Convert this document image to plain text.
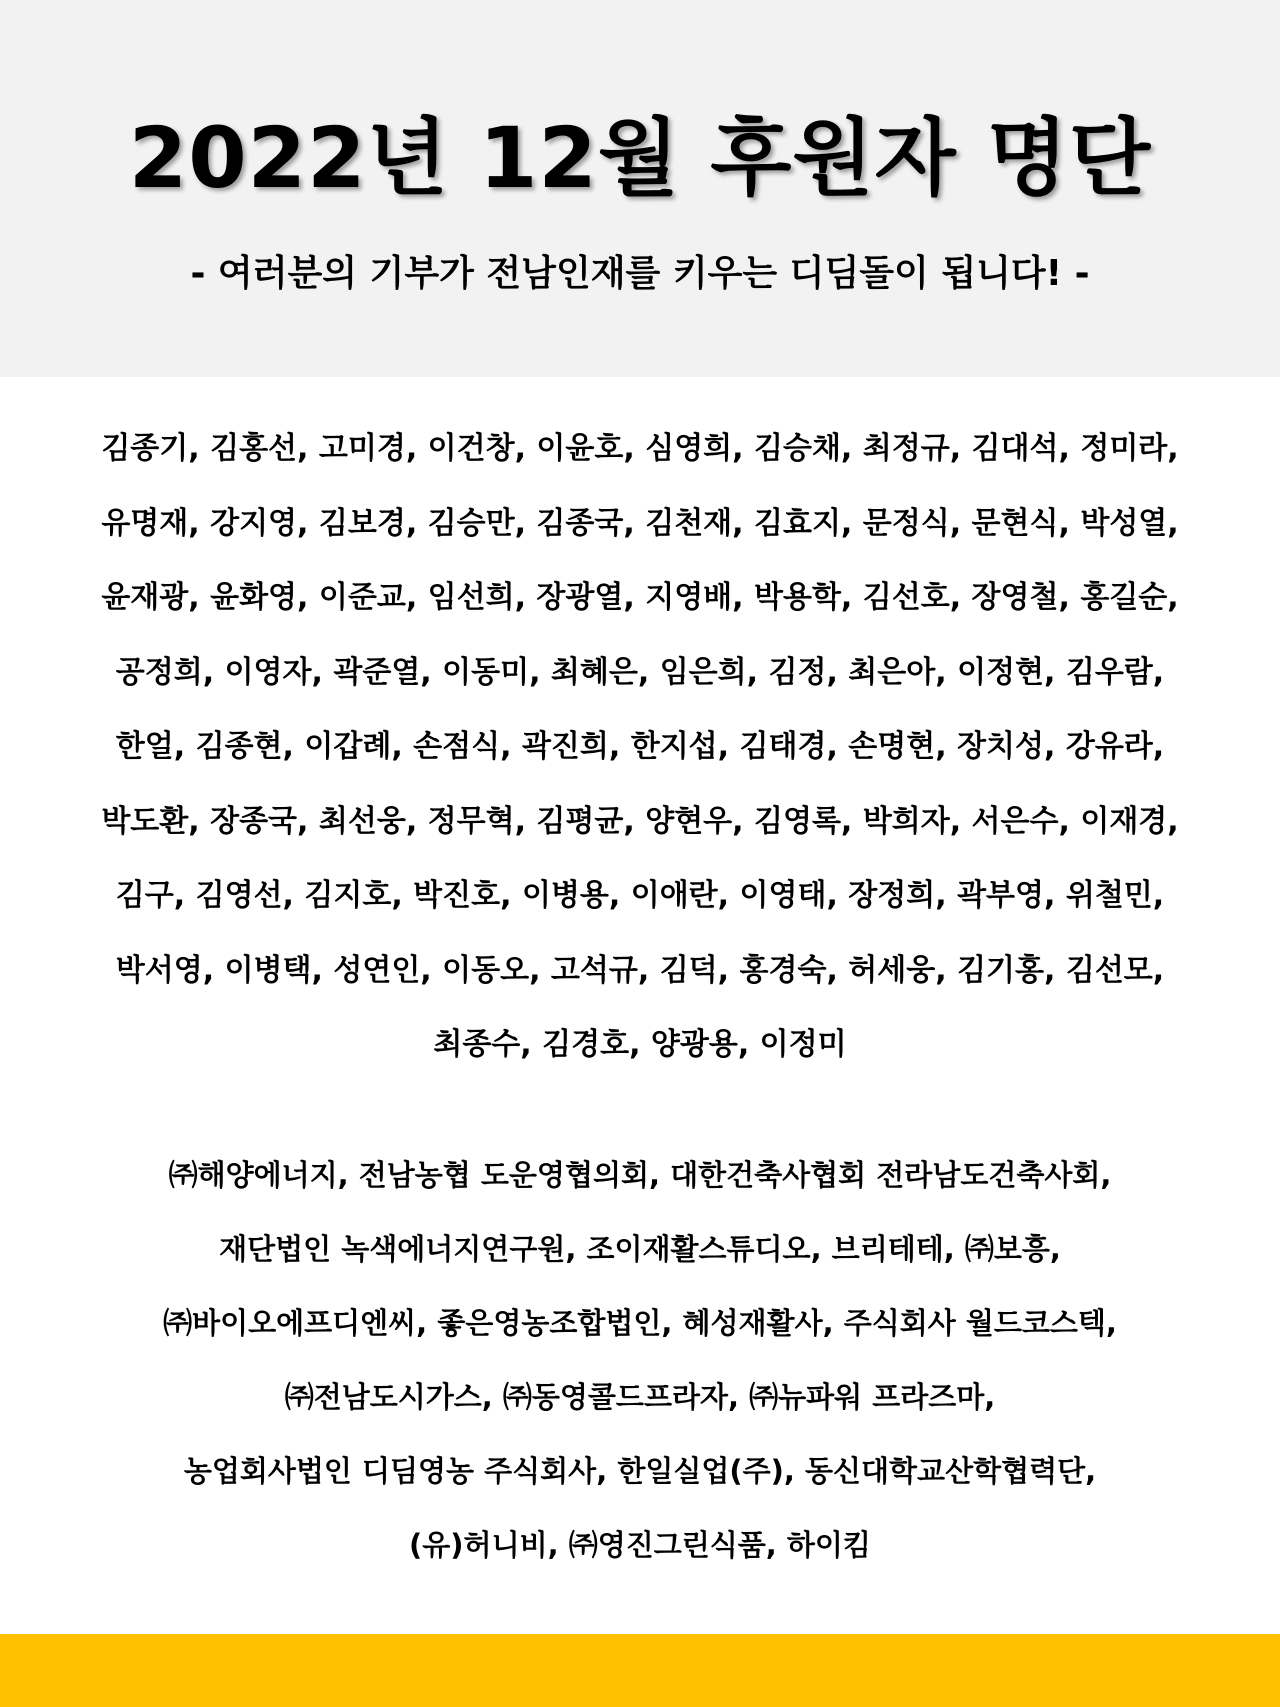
2022년 12월 후원자 명단
- 여러분의 기부가 전남인재를 키우는 디딤돌이 됩니다! -
김종기, 김홍선, 고미경, 이건창, 이윤호, 심영희, 김승채, 최정규, 김대석, 정미라,
유명재, 강지영, 김보경, 김승만, 김종국, 김천재, 김효지, 문정식, 문현식, 박성열,
윤재광, 윤화영, 이준교, 임선희, 장광열, 지영배, 박용학, 김선호, 장영철, 홍길순,
공정희, 이영자, 곽준열, 이동미, 최혜은, 임은희, 김정, 최은아, 이정현, 김우람,
한얼, 김종현, 이갑례, 손점식, 곽진희, 한지섭, 김태경, 손명현, 장치성, 강유라,
박도환, 장종국, 최선웅, 정무혁, 김평균, 양현우, 김영록, 박희자, 서은수, 이재경,
김구, 김영선, 김지호, 박진호, 이병용, 이애란, 이영태, 장정희, 곽부영, 위철민,
박서영, 이병택, 성연인, 이동오, 고석규, 김덕, 홍경숙, 허세웅, 김기홍, 김선모,
최종수, 김경호, 양광용, 이정미
㈜해양에너지, 전남농협 도운영협의회, 대한건축사협회 전라남도건축사회,
재단법인 녹색에너지연구원, 조이재활스튜디오, 브리테테, ㈜보흥,
㈜바이오에프디엔씨, 좋은영농조합법인, 혜성재활사, 주식회사 월드코스텍,
㈜전남도시가스, ㈜동영콜드프라자, ㈜뉴파워 프라즈마,
농업회사법인 디딤영농 주식회사, 한일실업(주), 동신대학교산학협력단,
(유)허니비, ㈜영진그린식품, 하이킴
